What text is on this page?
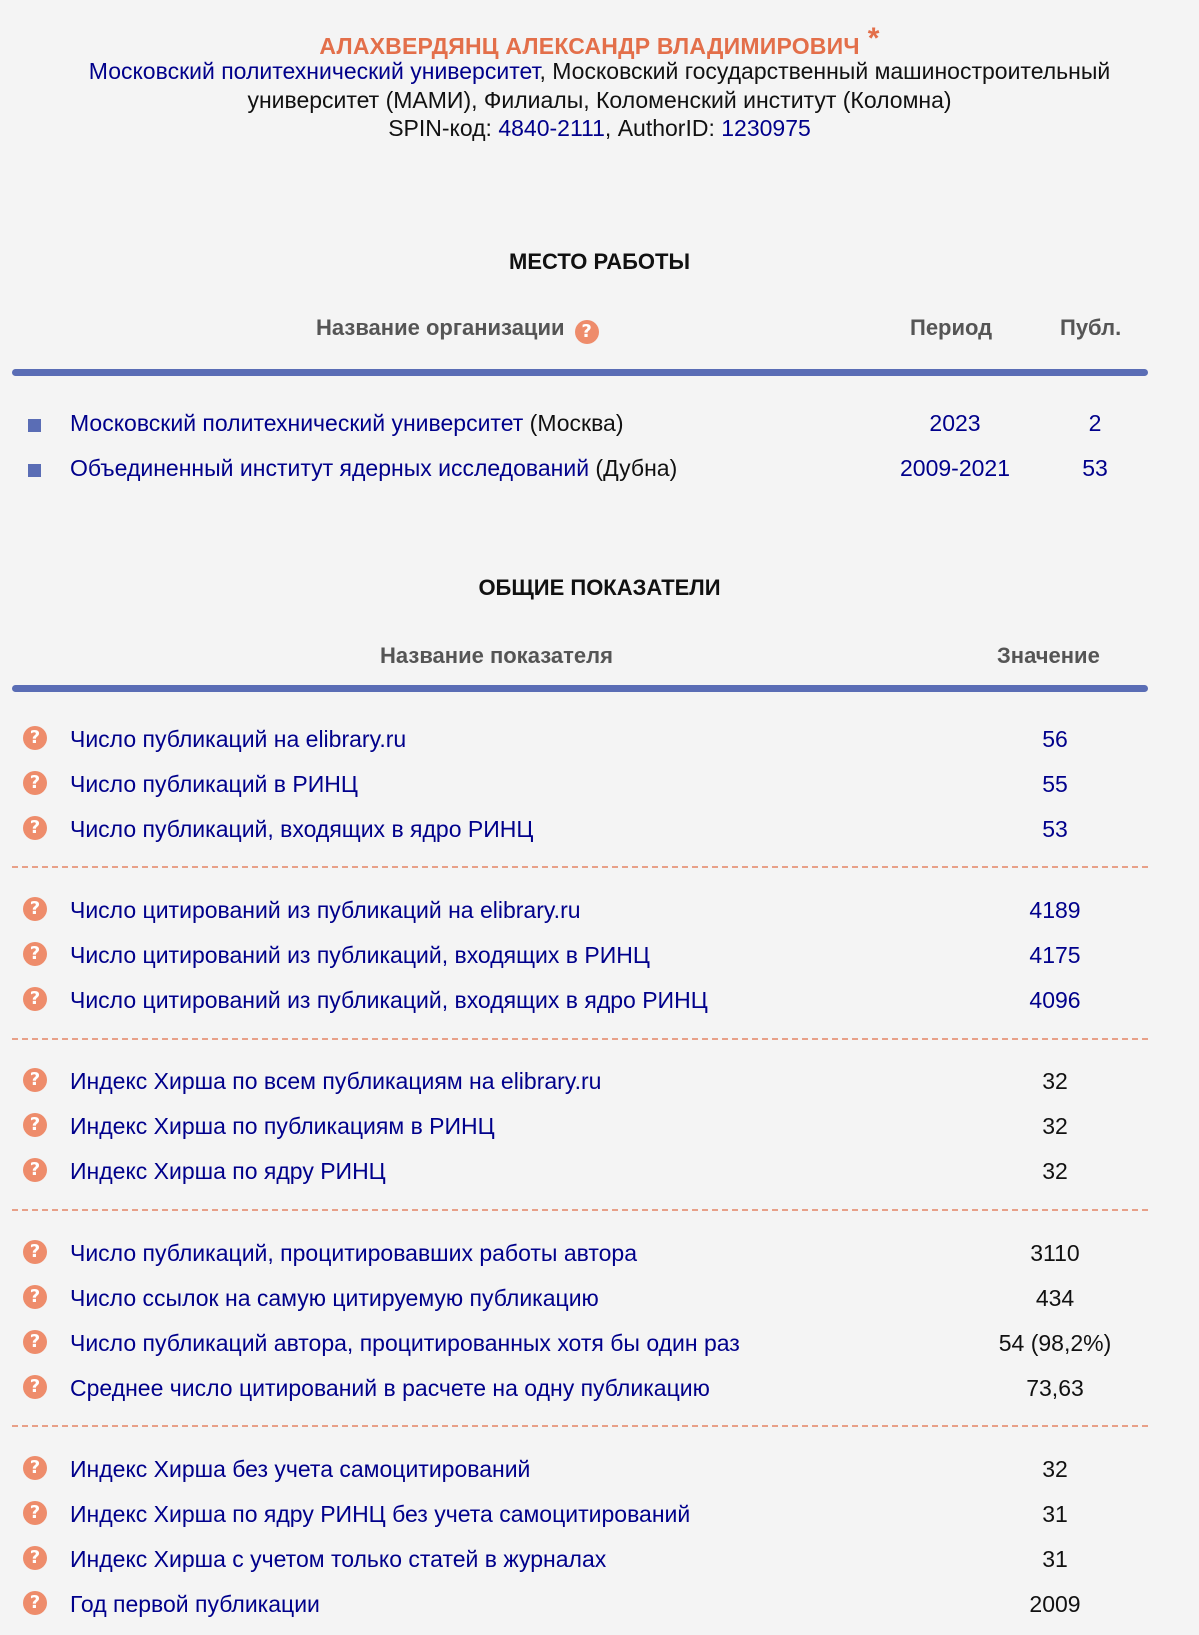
АЛАХВЕРДЯНЦ АЛЕКСАНДР ВЛАДИМИРОВИЧ *
Московский политехнический университет, Московский государственный машиностроительный
университет (МАМИ), Филиалы, Коломенский институт (Коломна)
SPIN-код: 4840-2111, AuthorID: 1230975
МЕСТО РАБОТЫ
Название организации ?	Период	Публ.
Московский политехнический университет (Москва)	2023	2
Объединенный институт ядерных исследований (Дубна)	2009-2021	53
ОБЩИЕ ПОКАЗАТЕЛИ
Название показателя	Значение
? Число публикаций на elibrary.ru	56
? Число публикаций в РИНЦ	55
? Число публикаций, входящих в ядро РИНЦ	53
? Число цитирований из публикаций на elibrary.ru	4189
? Число цитирований из публикаций, входящих в РИНЦ	4175
? Число цитирований из публикаций, входящих в ядро РИНЦ	4096
? Индекс Хирша по всем публикациям на elibrary.ru	32
? Индекс Хирша по публикациям в РИНЦ	32
? Индекс Хирша по ядру РИНЦ	32
? Число публикаций, процитировавших работы автора	3110
? Число ссылок на самую цитируемую публикацию	434
? Число публикаций автора, процитированных хотя бы один раз	54 (98,2%)
? Среднее число цитирований в расчете на одну публикацию	73,63
? Индекс Хирша без учета самоцитирований	32
? Индекс Хирша по ядру РИНЦ без учета самоцитирований	31
? Индекс Хирша с учетом только статей в журналах	31
? Год первой публикации	2009
